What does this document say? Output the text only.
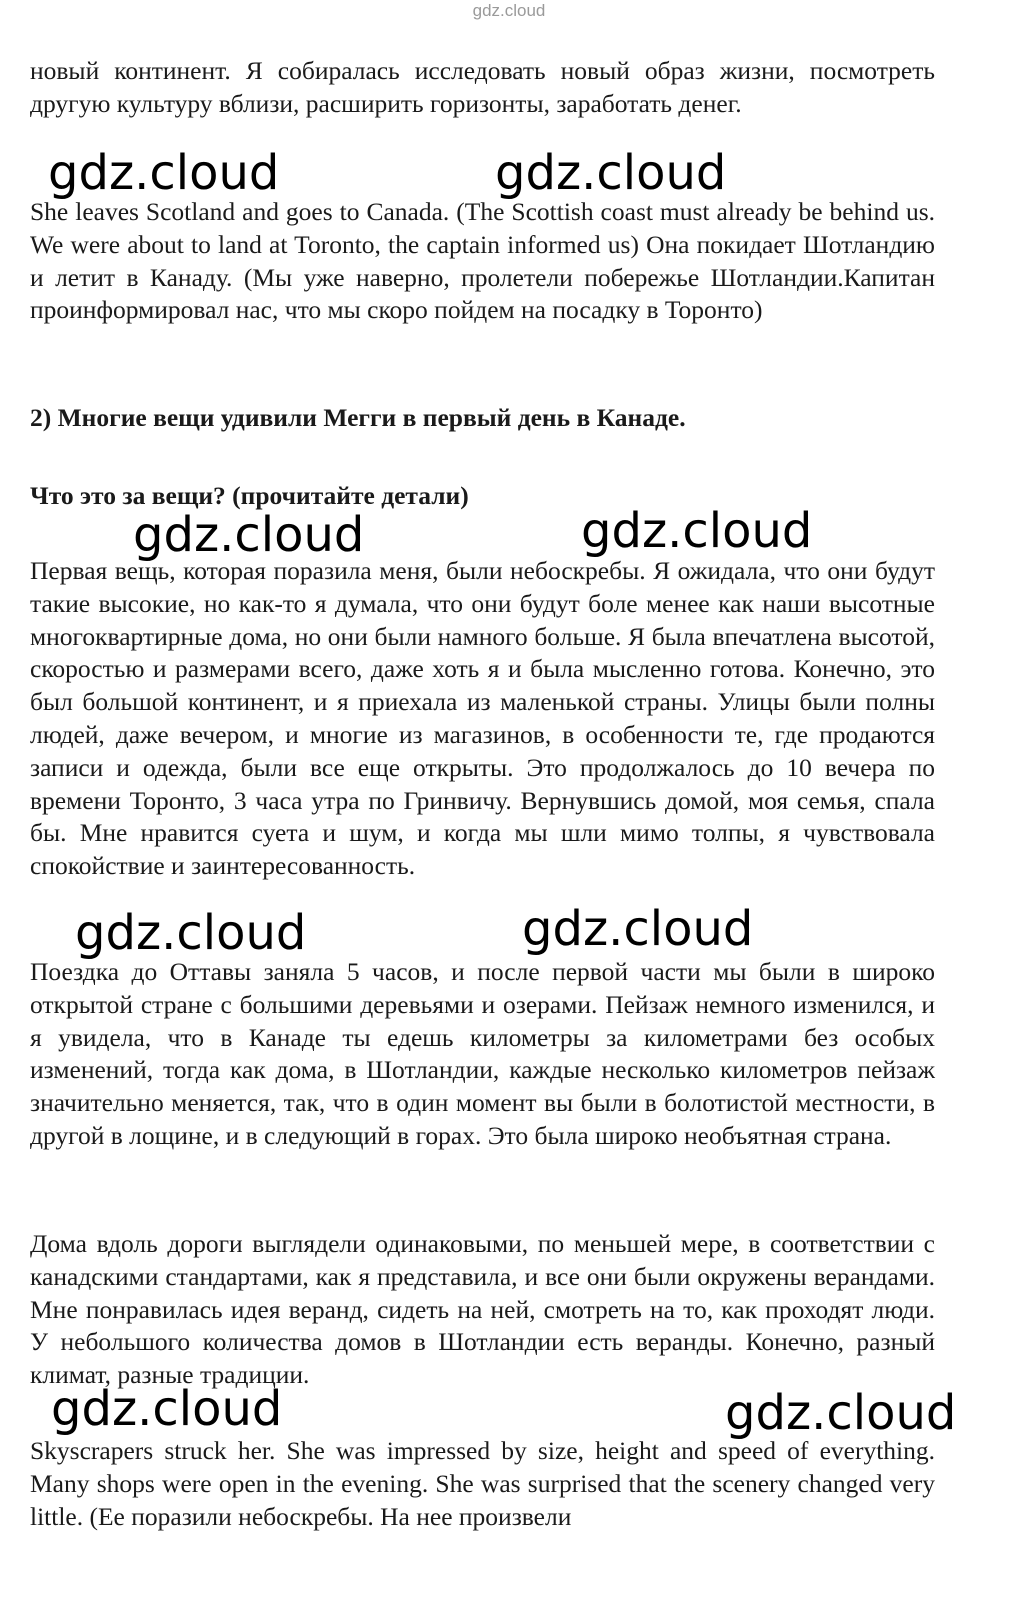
gdz.cloud

новый континент. Я собиралась исследовать новый образ жизни, посмотреть другую культуру вблизи, расширить горизонты, заработать денег.

gdz.cloud	gdz.cloud

She leaves Scotland and goes to Canada. (The Scottish coast must already be behind us. We were about to land at Toronto, the captain informed us) Она покидает Шотландию и летит в Канаду. (Мы уже наверно, пролетели побережье Шотландии.Капитан проинформировал нас, что мы скоро пойдем на посадку в Торонто)

2) Многие вещи удивили Мегги в первый день в Канаде.

Что это за вещи? (прочитайте детали)

gdz.cloud	gdz.cloud

Первая вещь, которая поразила меня, были небоскребы. Я ожидала, что они будут такие высокие, но как-то я думала, что они будут боле менее как наши высотные многоквартирные дома, но они были намного больше. Я была впечатлена высотой, скоростью и размерами всего, даже хоть я и была мысленно готова. Конечно, это был большой континент, и я приехала из маленькой страны. Улицы были полны людей, даже вечером, и многие из магазинов, в особенности те, где продаются записи и одежда, были все еще открыты. Это продолжалось до 10 вечера по времени Торонто, 3 часа утра по Гринвичу. Вернувшись домой, моя семья, спала бы. Мне нравится суета и шум, и когда мы шли мимо толпы, я чувствовала спокойствие и заинтересованность.

gdz.cloud	gdz.cloud

Поездка до Оттавы заняла 5 часов, и после первой части мы были в широко открытой стране с большими деревьями и озерами. Пейзаж немного изменился, и я увидела, что в Канаде ты едешь километры за километрами без особых изменений, тогда как дома, в Шотландии, каждые несколько километров пейзаж значительно меняется, так, что в один момент вы были в болотистой местности, в другой в лощине, и в следующий в горах. Это была широко необъятная страна.

Дома вдоль дороги выглядели одинаковыми, по меньшей мере, в соответствии с канадскими стандартами, как я представила, и все они были окружены верандами. Мне понравилась идея веранд, сидеть на ней, смотреть на то, как проходят люди. У небольшого количества домов в Шотландии есть веранды. Конечно, разный климат, разные традиции.

gdz.cloud	gdz.cloud

Skyscrapers struck her. She was impressed by size, height and speed of everything. Many shops were open in the evening. She was surprised that the scenery changed very little. (Ее поразили небоскребы. На нее произвели
